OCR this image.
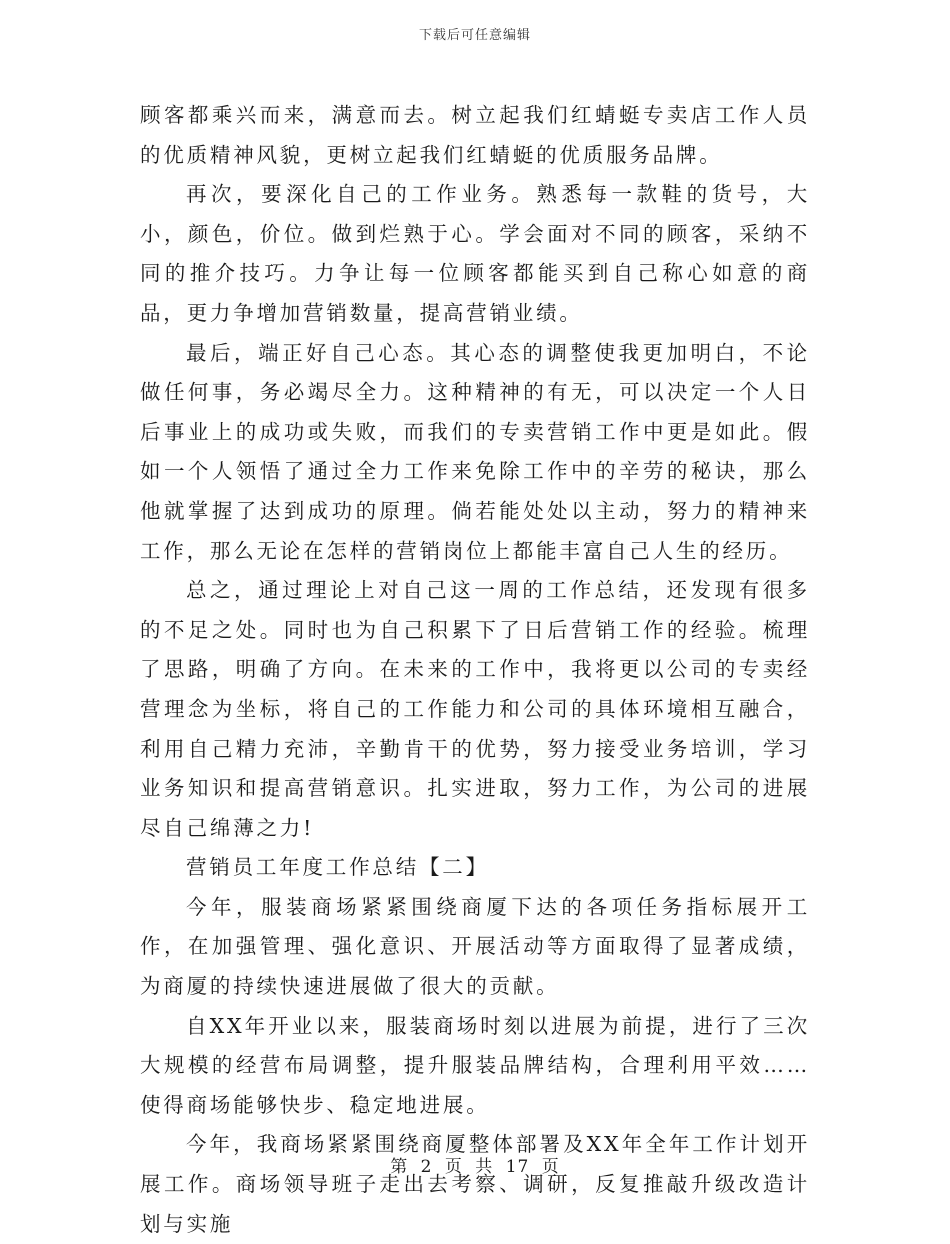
下载后可任意编辑

顾客都乘兴而来，满意而去。树立起我们红蜻蜓专卖店工作人员的优质精神风貌，更树立起我们红蜻蜓的优质服务品牌。

再次，要深化自己的工作业务。熟悉每一款鞋的货号，大小，颜色，价位。做到烂熟于心。学会面对不同的顾客，采纳不同的推介技巧。力争让每一位顾客都能买到自己称心如意的商品，更力争增加营销数量，提高营销业绩。

最后，端正好自己心态。其心态的调整使我更加明白，不论做任何事，务必竭尽全力。这种精神的有无，可以决定一个人日后事业上的成功或失败，而我们的专卖营销工作中更是如此。假如一个人领悟了通过全力工作来免除工作中的辛劳的秘诀，那么他就掌握了达到成功的原理。倘若能处处以主动，努力的精神来工作，那么无论在怎样的营销岗位上都能丰富自己人生的经历。

总之，通过理论上对自己这一周的工作总结，还发现有很多的不足之处。同时也为自己积累下了日后营销工作的经验。梳理了思路，明确了方向。在未来的工作中，我将更以公司的专卖经营理念为坐标，将自己的工作能力和公司的具体环境相互融合，利用自己精力充沛，辛勤肯干的优势，努力接受业务培训，学习业务知识和提高营销意识。扎实进取，努力工作，为公司的进展尽自己绵薄之力!

营销员工年度工作总结【二】

今年，服装商场紧紧围绕商厦下达的各项任务指标展开工作，在加强管理、强化意识、开展活动等方面取得了显著成绩，为商厦的持续快速进展做了很大的贡献。

自XX年开业以来，服装商场时刻以进展为前提，进行了三次大规模的经营布局调整，提升服装品牌结构，合理利用平效……使得商场能够快步、稳定地进展。

今年，我商场紧紧围绕商厦整体部署及XX年全年工作计划开展工作。商场领导班子走出去考察、调研，反复推敲升级改造计划与实施

第 2 页 共 17 页
